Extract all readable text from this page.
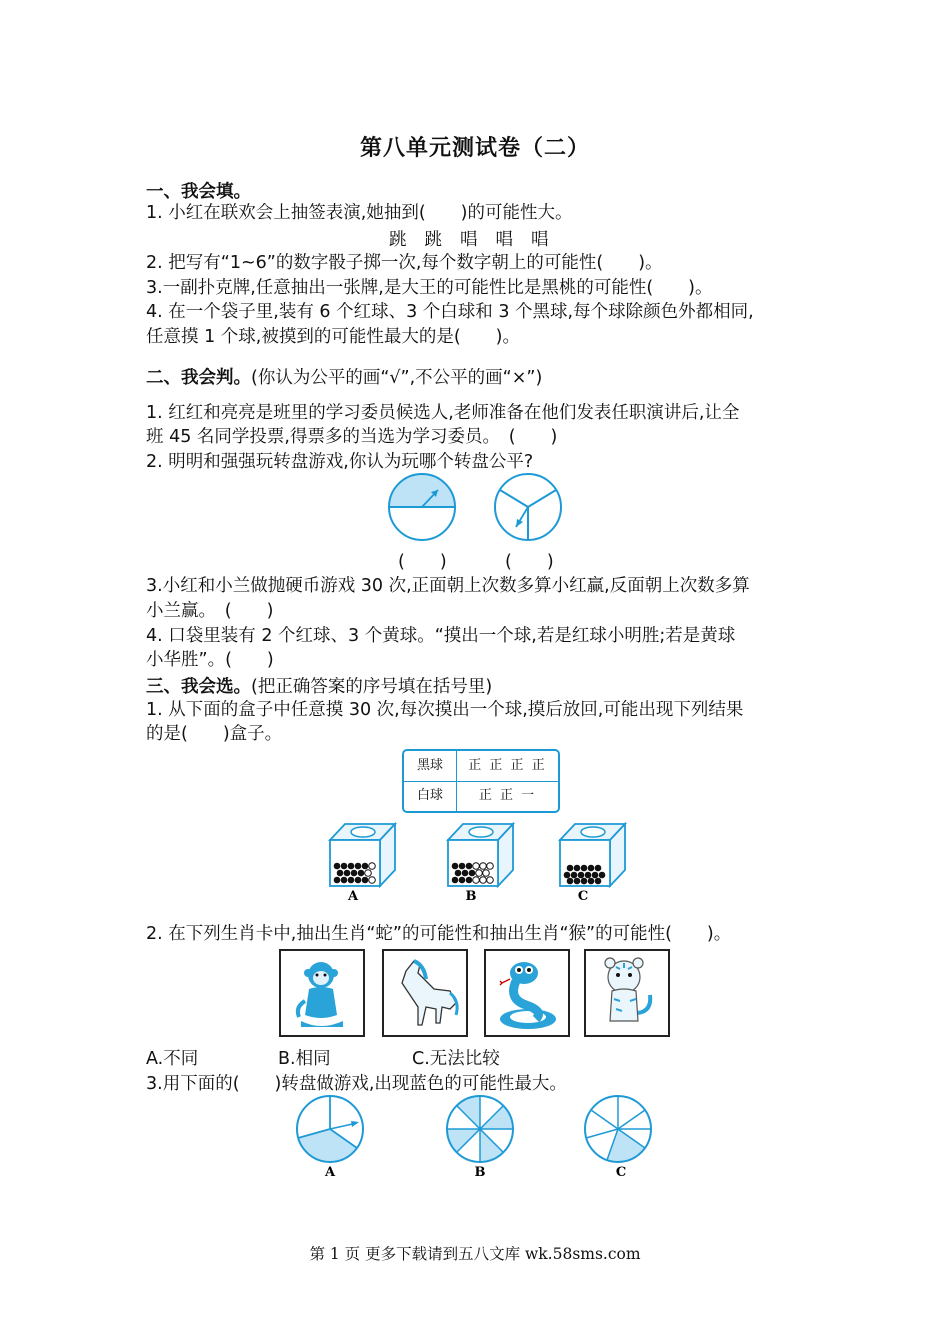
第八单元测试卷（二）
一、我会填。
1. 小红在联欢会上抽签表演,她抽到(　　)的可能性大。
跳 跳 唱 唱 唱
2. 把写有“1~6”的数字骰子掷一次,每个数字朝上的可能性(　　)。
3.一副扑克牌,任意抽出一张牌,是大王的可能性比是黑桃的可能性(　　)。
4. 在一个袋子里,装有 6 个红球、3 个白球和 3 个黑球,每个球除颜色外都相同,
任意摸 1 个球,被摸到的可能性最大的是(　　)。
二、我会判。(你认为公平的画“√”,不公平的画“×”)
1. 红红和亮亮是班里的学习委员候选人,老师准备在他们发表任职演讲后,让全
班 45 名同学投票,得票多的当选为学习委员。　(　　)
2. 明明和强强玩转盘游戏,你认为玩哪个转盘公平?
(　　)	(　　)
3.小红和小兰做抛硬币游戏 30 次,正面朝上次数多算小红赢,反面朝上次数多算
小兰赢。　(　　)
4. 口袋里装有 2 个红球、3 个黄球。“摸出一个球,若是红球小明胜;若是黄球
小华胜”。(　　)
三、我会选。(把正确答案的序号填在括号里)
1. 从下面的盒子中任意摸 30 次,每次摸出一个球,摸后放回,可能出现下列结果
的是(　　)盒子。
黑球	正 正 正 正
白球	正 正 一
A	B	C
2. 在下列生肖卡中,抽出生肖“蛇”的可能性和抽出生肖“猴”的可能性(　　)。
A.不同	B.相同	C.无法比较
3.用下面的(　　)转盘做游戏,出现蓝色的可能性最大。
A	B	C
第 1 页 更多下载请到五八文库 wk.58sms.com
